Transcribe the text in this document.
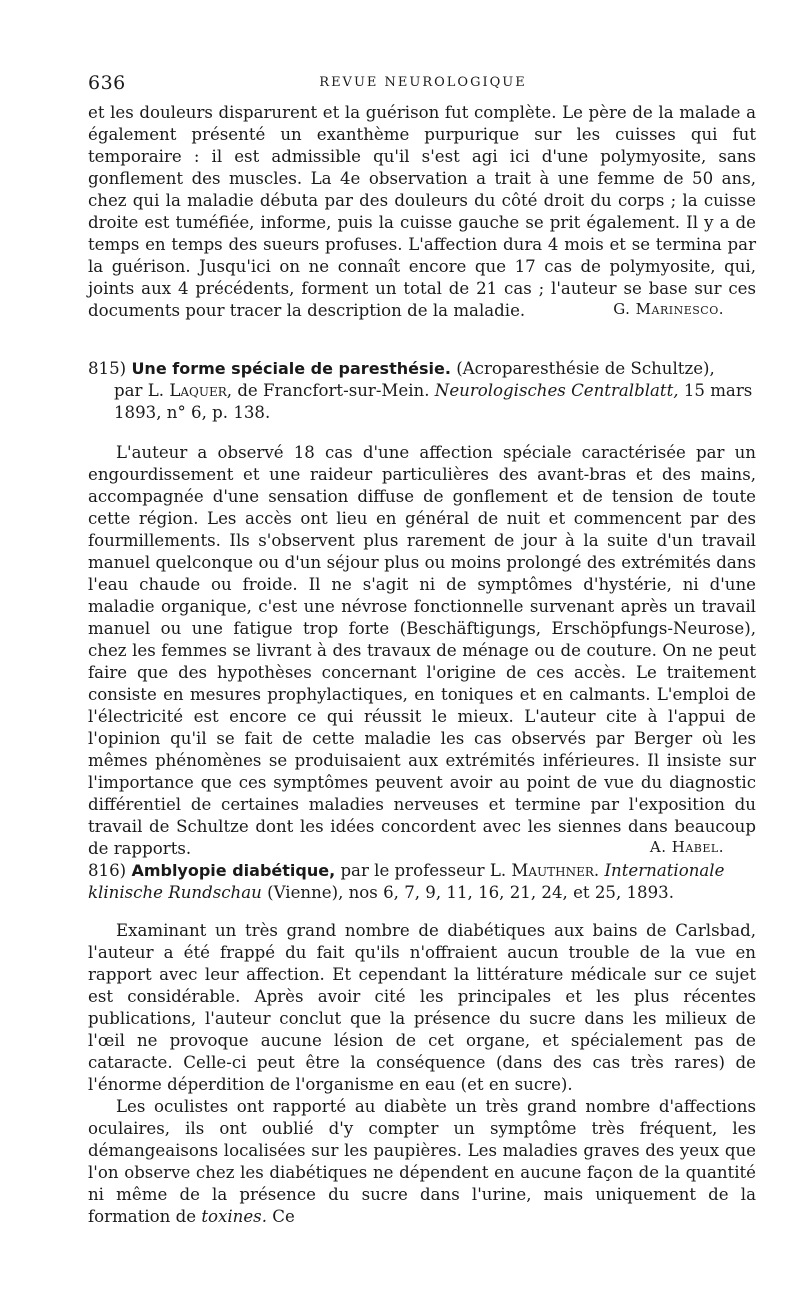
636	REVUE NEUROLOGIQUE

et les douleurs disparurent et la guérison fut complète. Le père de la malade a également présenté un exanthème purpurique sur les cuisses qui fut temporaire : il est admissible qu'il s'est agi ici d'une polymyosite, sans gonflement des muscles. La 4e observation a trait à une femme de 50 ans, chez qui la maladie débuta par des douleurs du côté droit du corps ; la cuisse droite est tuméfiée, informe, puis la cuisse gauche se prit également. Il y a de temps en temps des sueurs profuses. L'affection dura 4 mois et se termina par la guérison. Jusqu'ici on ne connaît encore que 17 cas de polymyosite, qui, joints aux 4 précédents, forment un total de 21 cas ; l'auteur se base sur ces documents pour tracer la description de la maladie.	G. Marinesco.
815) Une forme spéciale de paresthésie. (Acroparesthésie de Schultze),
par L. Laquer, de Francfort-sur-Mein. Neurologisches Centralblatt, 15 mars 1893, n° 6, p. 138.

L'auteur a observé 18 cas d'une affection spéciale caractérisée par un engourdissement et une raideur particulières des avant-bras et des mains, accompagnée d'une sensation diffuse de gonflement et de tension de toute cette région. Les accès ont lieu en général de nuit et commencent par des fourmillements. Ils s'observent plus rarement de jour à la suite d'un travail manuel quelconque ou d'un séjour plus ou moins prolongé des extrémités dans l'eau chaude ou froide. Il ne s'agit ni de symptômes d'hystérie, ni d'une maladie organique, c'est une névrose fonctionnelle survenant après un travail manuel ou une fatigue trop forte (Beschäftigungs, Erschöpfungs-Neurose), chez les femmes se livrant à des travaux de ménage ou de couture. On ne peut faire que des hypothèses concernant l'origine de ces accès. Le traitement consiste en mesures prophylactiques, en toniques et en calmants. L'emploi de l'électricité est encore ce qui réussit le mieux. L'auteur cite à l'appui de l'opinion qu'il se fait de cette maladie les cas observés par Berger où les mêmes phénomènes se produisaient aux extrémités inférieures. Il insiste sur l'importance que ces symptômes peuvent avoir au point de vue du diagnostic différentiel de certaines maladies nerveuses et termine par l'exposition du travail de Schultze dont les idées concordent avec les siennes dans beaucoup de rapports.	A. Habel.
816) Amblyopie diabétique, par le professeur L. Mauthner. Internationale klinische Rundschau (Vienne), nos 6, 7, 9, 11, 16, 21, 24, et 25, 1893.

Examinant un très grand nombre de diabétiques aux bains de Carlsbad, l'auteur a été frappé du fait qu'ils n'offraient aucun trouble de la vue en rapport avec leur affection. Et cependant la littérature médicale sur ce sujet est considérable. Après avoir cité les principales et les plus récentes publications, l'auteur conclut que la présence du sucre dans les milieux de l'œil ne provoque aucune lésion de cet organe, et spécialement pas de cataracte. Celle-ci peut être la conséquence (dans des cas très rares) de l'énorme déperdition de l'organisme en eau (et en sucre).

Les oculistes ont rapporté au diabète un très grand nombre d'affections oculaires, ils ont oublié d'y compter un symptôme très fréquent, les démangeaisons localisées sur les paupières. Les maladies graves des yeux que l'on observe chez les diabétiques ne dépendent en aucune façon de la quantité ni même de la présence du sucre dans l'urine, mais uniquement de la formation de toxines. Ce
